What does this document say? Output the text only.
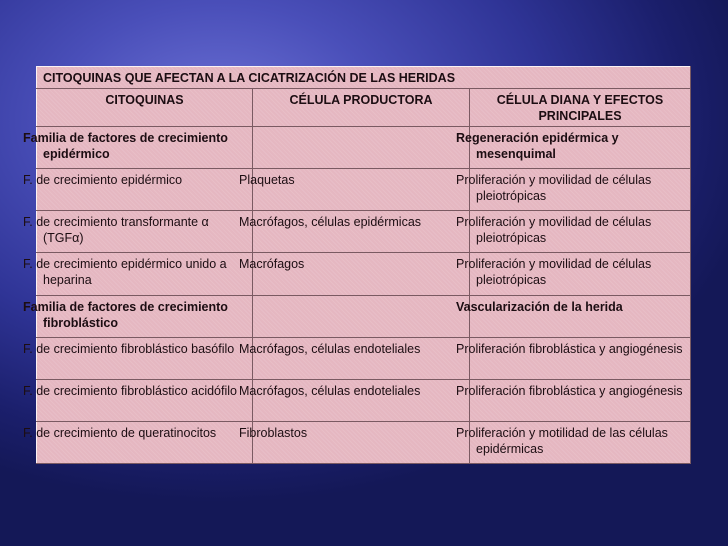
CITOQUINAS QUE AFECTAN A LA CICATRIZACIÓN DE LAS HERIDAS		
CITOQUINAS	CÉLULA PRODUCTORA	CÉLULA DIANA Y EFECTOS PRINCIPALES
Familia de factores de crecimiento epidérmico		Regeneración epidérmica y mesenquimal
F. de crecimiento epidérmico	Plaquetas	Proliferación y movilidad de células pleiotrópicas
F. de crecimiento transformante α (TGFα)	Macrófagos, células epidérmicas	Proliferación y movilidad de células pleiotrópicas
F. de crecimiento epidérmico unido a heparina	Macrófagos	Proliferación y movilidad de células pleiotrópicas
Familia de factores de crecimiento fibroblástico		Vascularización de la herida
F. de crecimiento fibroblástico basófilo	Macrófagos, células endoteliales	Proliferación fibroblástica y angiogénesis
F. de crecimiento fibroblástico acidófilo	Macrófagos, células endoteliales	Proliferación fibroblástica y angiogénesis
F. de crecimiento de queratinocitos	Fibroblastos	Proliferación y motilidad de las células epidérmicas
